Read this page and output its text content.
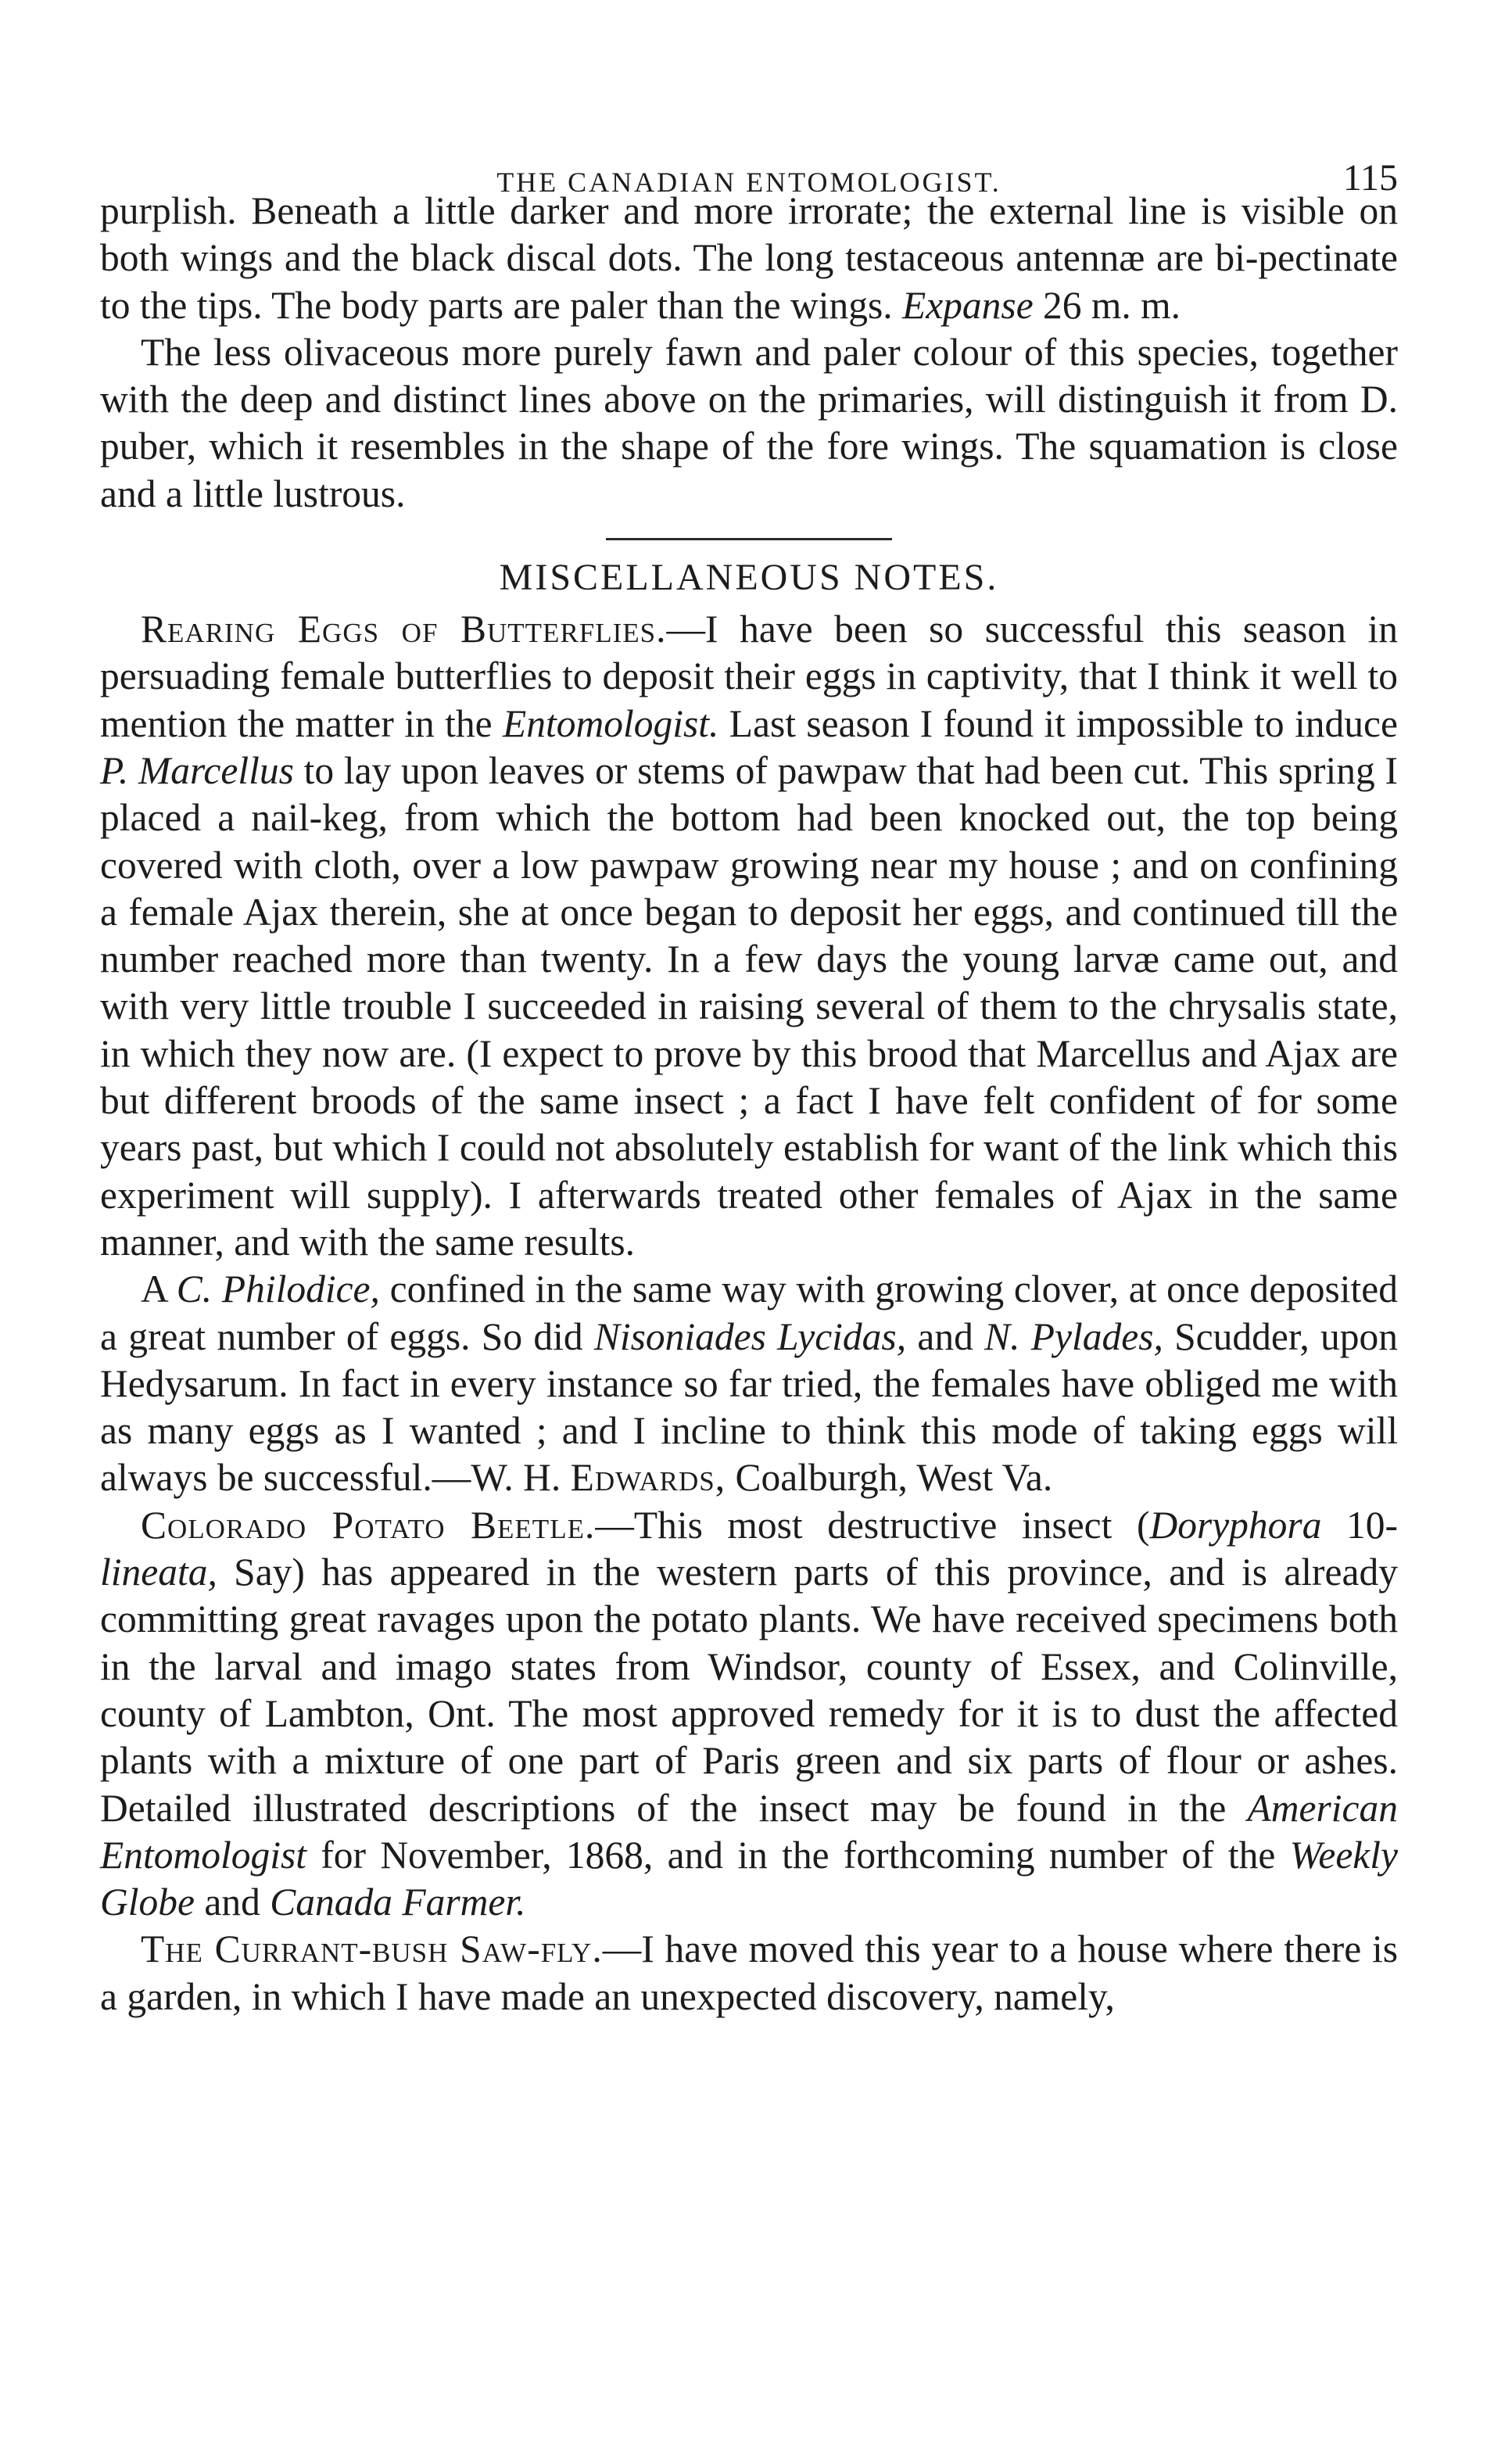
THE CANADIAN ENTOMOLOGIST.	115

purplish. Beneath a little darker and more irrorate; the external line is visible on both wings and the black discal dots. The long testaceous antennæ are bi-pectinate to the tips. The body parts are paler than the wings. Expanse 26 m. m.

The less olivaceous more purely fawn and paler colour of this species, together with the deep and distinct lines above on the primaries, will distinguish it from D. puber, which it resembles in the shape of the fore wings. The squamation is close and a little lustrous.

MISCELLANEOUS NOTES.

Rearing Eggs of Butterflies.—I have been so successful this season in persuading female butterflies to deposit their eggs in captivity, that I think it well to mention the matter in the Entomologist. Last season I found it impossible to induce P. Marcellus to lay upon leaves or stems of pawpaw that had been cut. This spring I placed a nail-keg, from which the bottom had been knocked out, the top being covered with cloth, over a low pawpaw growing near my house ; and on confining a female Ajax therein, she at once began to deposit her eggs, and continued till the number reached more than twenty. In a few days the young larvæ came out, and with very little trouble I succeeded in raising several of them to the chrysalis state, in which they now are. (I expect to prove by this brood that Marcellus and Ajax are but different broods of the same insect ; a fact I have felt confident of for some years past, but which I could not absolutely establish for want of the link which this experiment will supply). I afterwards treated other females of Ajax in the same manner, and with the same results.

A C. Philodice, confined in the same way with growing clover, at once deposited a great number of eggs. So did Nisoniades Lycidas, and N. Pylades, Scudder, upon Hedysarum. In fact in every instance so far tried, the females have obliged me with as many eggs as I wanted ; and I incline to think this mode of taking eggs will always be successful.—W. H. Edwards, Coalburgh, West Va.

Colorado Potato Beetle.—This most destructive insect (Doryphora 10-lineata, Say) has appeared in the western parts of this province, and is already committing great ravages upon the potato plants. We have received specimens both in the larval and imago states from Windsor, county of Essex, and Colinville, county of Lambton, Ont. The most approved remedy for it is to dust the affected plants with a mixture of one part of Paris green and six parts of flour or ashes. Detailed illustrated descriptions of the insect may be found in the American Entomologist for November, 1868, and in the forthcoming number of the Weekly Globe and Canada Farmer.

The Currant-bush Saw-fly.—I have moved this year to a house where there is a garden, in which I have made an unexpected discovery, namely,
